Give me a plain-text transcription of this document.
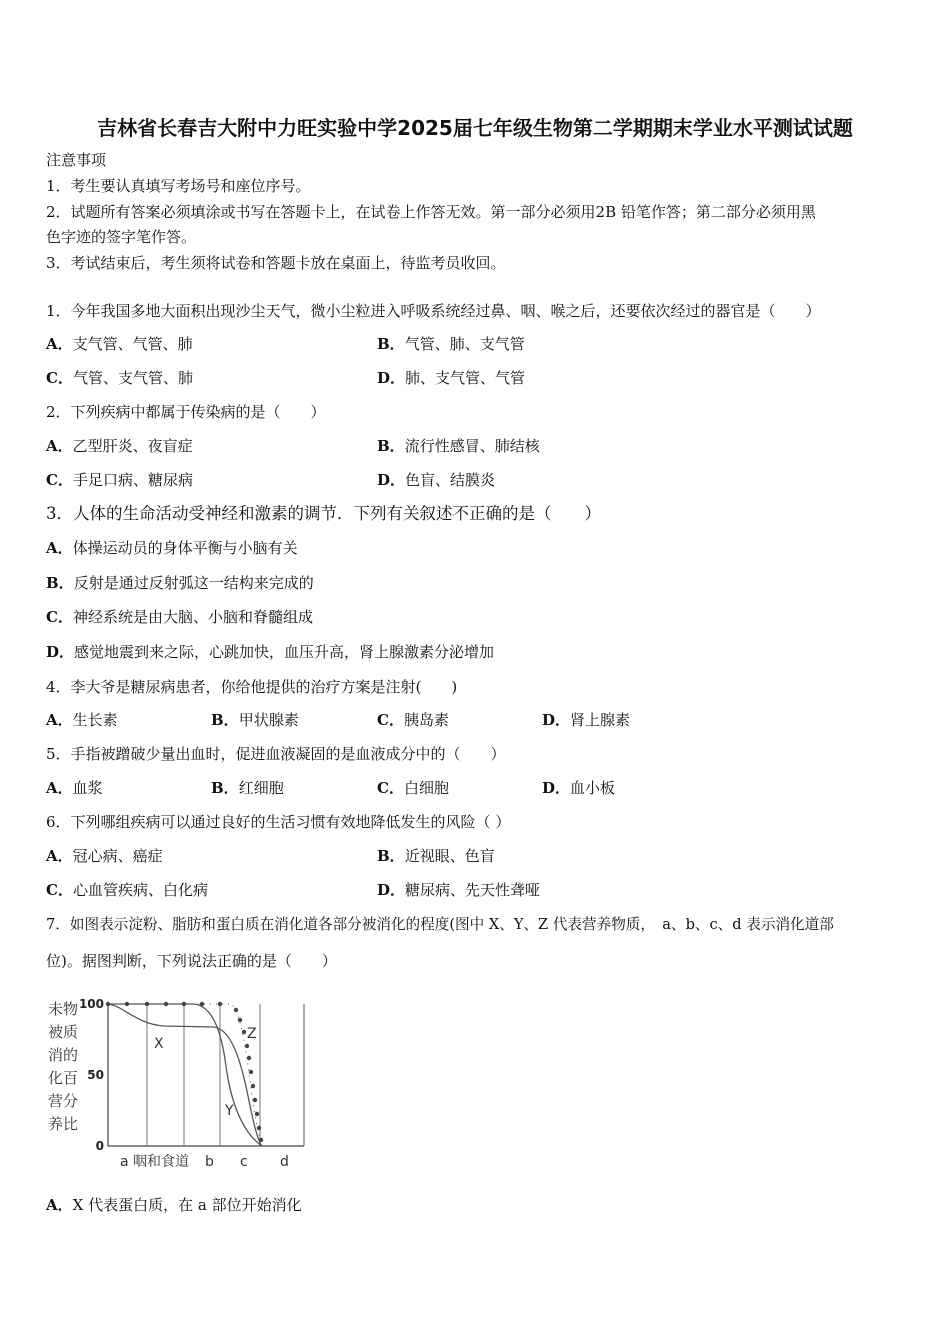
吉林省长春吉大附中力旺实验中学2025届七年级生物第二学期期末学业水平测试试题
注意事项
1．考生要认真填写考场号和座位序号。
2．试题所有答案必须填涂或书写在答题卡上，在试卷上作答无效。第一部分必须用2B 铅笔作答；第二部分必须用黑
色字迹的签字笔作答。
3．考试结束后，考生须将试卷和答题卡放在桌面上，待监考员收回。
1．今年我国多地大面积出现沙尘天气，微小尘粒进入呼吸系统经过鼻、咽、喉之后，还要依次经过的器官是（　　）
A．支气管、气管、肺	B．气管、肺、支气管
C．气管、支气管、肺	D．肺、支气管、气管
2．下列疾病中都属于传染病的是（　　）
A．乙型肝炎、夜盲症	B．流行性感冒、肺结核
C．手足口病、糖尿病	D．色盲、结膜炎
3．人体的生命活动受神经和激素的调节．下列有关叙述不正确的是（　　）
A．体操运动员的身体平衡与小脑有关
B．反射是通过反射弧这一结构来完成的
C．神经系统是由大脑、小脑和脊髓组成
D．感觉地震到来之际，心跳加快，血压升高，肾上腺激素分泌增加
4．李大爷是糖尿病患者，你给他提供的治疗方案是注射(　　)
A．生长素	B．甲状腺素	C．胰岛素	D．肾上腺素
5．手指被蹭破少量出血时，促进血液凝固的是血液成分中的（　　）
A．血浆	B．红细胞	C．白细胞	D．血小板
6．下列哪组疾病可以通过良好的生活习惯有效地降低发生的风险（ ）
A．冠心病、癌症	B．近视眼、色盲
C．心血管疾病、白化病	D．糖尿病、先天性聋哑
7．如图表示淀粉、脂肪和蛋白质在消化道各部分被消化的程度(图中 X、Y、Z 代表营养物质，　a、b、c、d 表示消化道部
位)。据图判断，下列说法正确的是（　　）
未物
被质
消的
化百
营分
养比
100
50
0
a 咽和食道 b c d
X
Y
Z
A．X 代表蛋白质，在 a 部位开始消化
